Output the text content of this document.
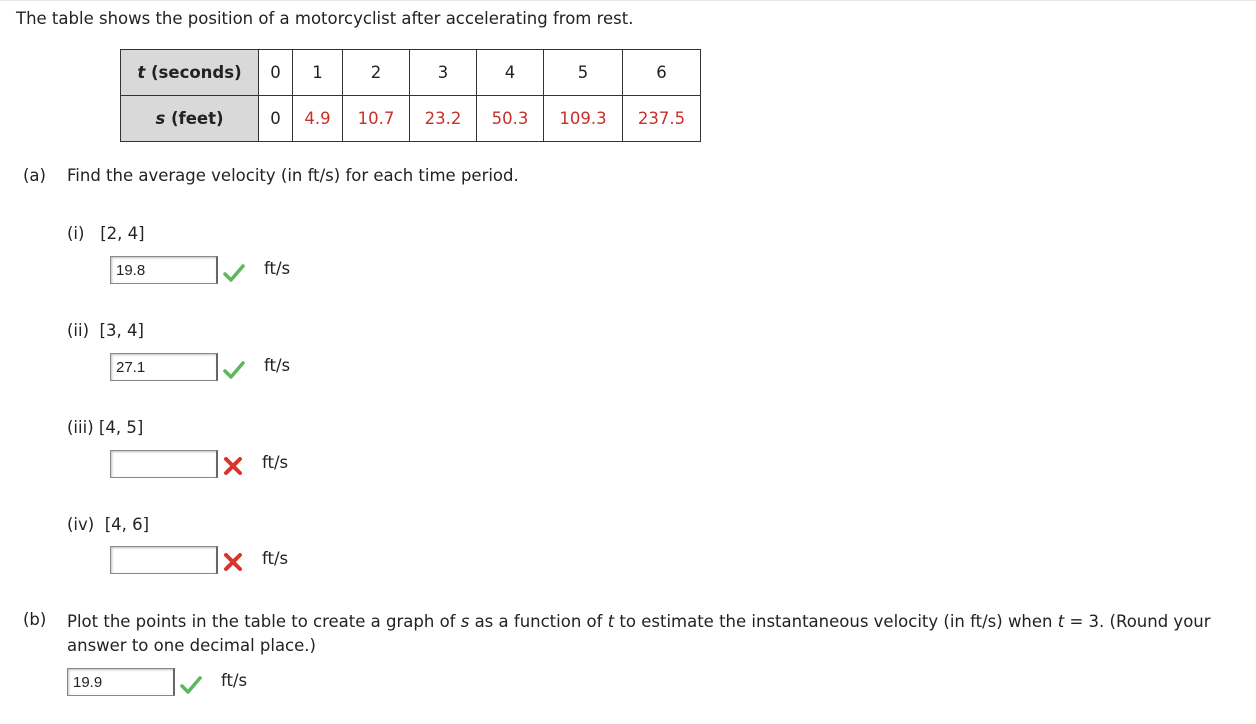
The table shows the position of a motorcyclist after accelerating from rest.
t (seconds)	0	1	2	3	4	5	6
s (feet)	0	4.9	10.7	23.2	50.3	109.3	237.5
(a) Find the average velocity (in ft/s) for each time period.
(i) [2, 4]
19.8
ft/s
(ii) [3, 4]
27.1
ft/s
(iii) [4, 5]
ft/s
(iv) [4, 6]
ft/s
(b) Plot the points in the table to create a graph of s as a function of t to estimate the instantaneous velocity (in ft/s) when t = 3. (Round your answer to one decimal place.)
19.9
ft/s
